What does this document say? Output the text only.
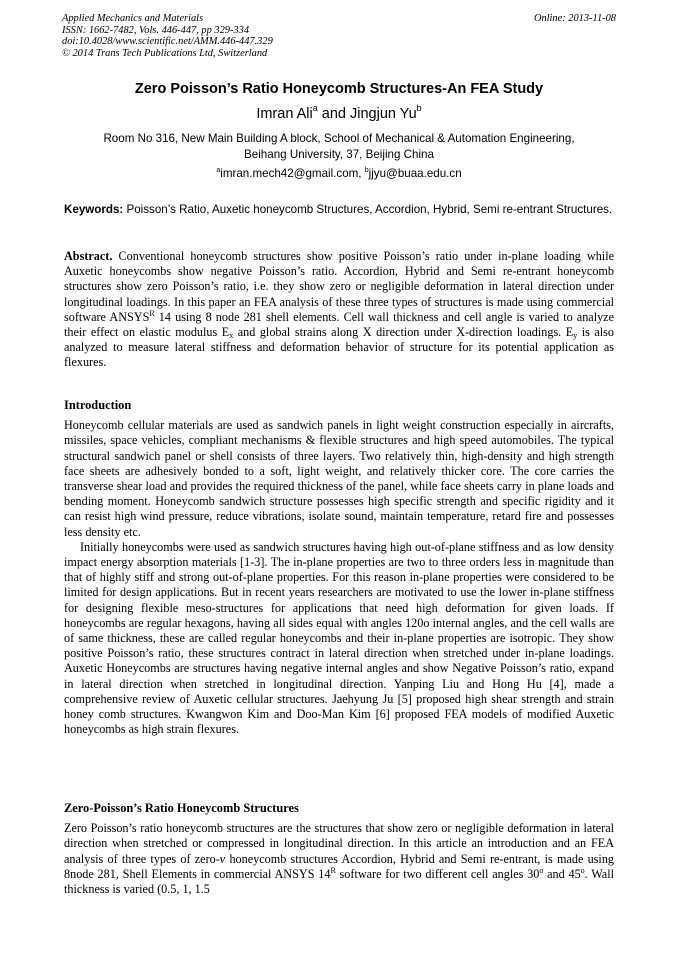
Applied Mechanics and Materials
ISSN: 1662-7482, Vols. 446-447, pp 329-334
doi:10.4028/www.scientific.net/AMM.446-447.329
© 2014 Trans Tech Publications Ltd, Switzerland
Online: 2013-11-08
Zero Poisson’s Ratio Honeycomb Structures-An FEA Study
Imran Ali$^a$ and Jingjun Yu$^b$
Room No 316, New Main Building A block, School of Mechanical & Automation Engineering,
Beihang University, 37, Beijing China
$^a$imran.mech42@gmail.com, $^b$jjyu@buaa.edu.cn
Keywords: Poisson’s Ratio, Auxetic honeycomb Structures, Accordion, Hybrid, Semi re-entrant Structures.

Abstract. Conventional honeycomb structures show positive Poisson’s ratio under in-plane loading while Auxetic honeycombs show negative Poisson’s ratio. Accordion, Hybrid and Semi re-entrant honeycomb structures show zero Poisson’s ratio, i.e. they show zero or negligible deformation in lateral direction under longitudinal loadings. In this paper an FEA analysis of these three types of structures is made using commercial software $ANSYS^R$ 14 using 8 node 281 shell elements. Cell wall thickness and cell angle is varied to analyze their effect on elastic modulus $E_x$ and global strains along X direction under X-direction loadings. $E_y$ is also analyzed to measure lateral stiffness and deformation behavior of structure for its potential application as flexures.

Introduction

Honeycomb cellular materials are used as sandwich panels in light weight construction especially in aircrafts, missiles, space vehicles, compliant mechanisms & flexible structures and high speed automobiles. The typical structural sandwich panel or shell consists of three layers. Two relatively thin, high-density and high strength face sheets are adhesively bonded to a soft, light weight, and relatively thicker core. The core carries the transverse shear load and provides the required thickness of the panel, while face sheets carry in plane loads and bending moment. Honeycomb sandwich structure possesses high specific strength and specific rigidity and it can resist high wind pressure, reduce vibrations, isolate sound, maintain temperature, retard fire and possesses less density etc.

Initially honeycombs were used as sandwich structures having high out-of-plane stiffness and as low density impact energy absorption materials [1-3]. The in-plane properties are two to three orders less in magnitude than that of highly stiff and strong out-of-plane properties. For this reason in-plane properties were considered to be limited for design applications. But in recent years researchers are motivated to use the lower in-plane stiffness for designing flexible meso-structures for applications that need high deformation for given loads. If honeycombs are regular hexagons, having all sides equal with angles 120o internal angles, and the cell walls are of same thickness, these are called regular honeycombs and their in-plane properties are isotropic. They show positive Poisson’s ratio, these structures contract in lateral direction when stretched under in-plane loadings. Auxetic Honeycombs are structures having negative internal angles and show Negative Poisson’s ratio, expand in lateral direction when stretched in longitudinal direction. Yanping Liu and Hong Hu [4], made a comprehensive review of Auxetic cellular structures. Jaehyung Ju [5] proposed high shear strength and strain honey comb structures. Kwangwon Kim and Doo-Man Kim [6] proposed FEA models of modified Auxetic honeycombs as high strain flexures.

Zero-Poisson’s Ratio Honeycomb Structures

Zero Poisson’s ratio honeycomb structures are the structures that show zero or negligible deformation in lateral direction when stretched or compressed in longitudinal direction. In this article an introduction and an FEA analysis of three types of zero-v honeycomb structures Accordion, Hybrid and Semi re-entrant, is made using 8node 281, Shell Elements in commercial ANSYS $14^R$ software for two different cell angles 30$^o$ and 45$^o$. Wall thickness is varied (0.5, 1, 1.5
